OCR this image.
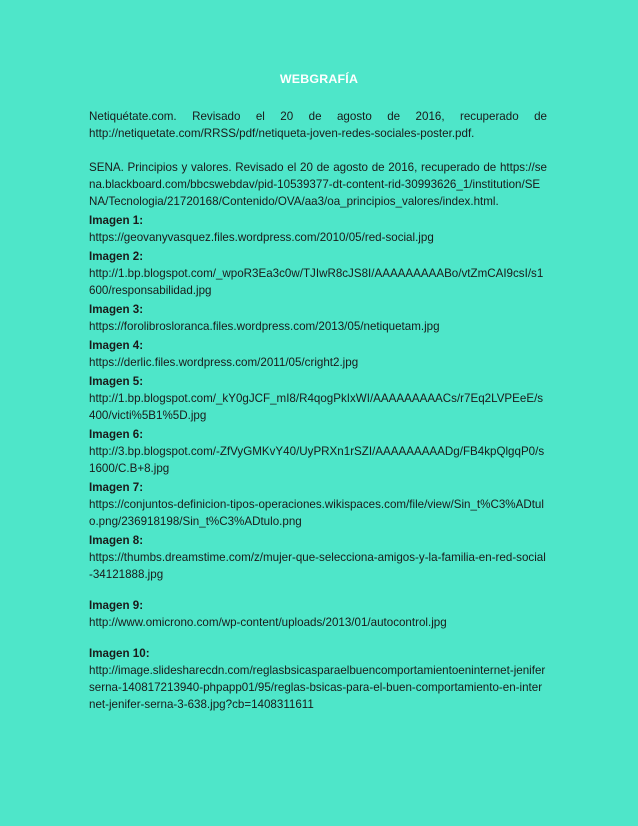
WEBGRAFÍA

Netiquétate.com. Revisado el 20 de agosto de 2016, recuperado de http://netiquetate.com/RRSS/pdf/netiqueta-joven-redes-sociales-poster.pdf.

SENA. Principios y valores. Revisado el 20 de agosto de 2016, recuperado de https://sena.blackboard.com/bbcswebdav/pid-10539377-dt-content-rid-30993626_1/institution/SENA/Tecnologia/21720168/Contenido/OVA/aa3/oa_principios_valores/index.html.

Imagen 1:
https://geovanyvasquez.files.wordpress.com/2010/05/red-social.jpg
Imagen 2:
http://1.bp.blogspot.com/_wpoR3Ea3c0w/TJIwR8cJS8I/AAAAAAAAABo/vtZmCAI9csI/s1600/responsabilidad.jpg
Imagen 3:
https://forolibrosloranca.files.wordpress.com/2013/05/netiquetam.jpg
Imagen 4:
https://derlic.files.wordpress.com/2011/05/cright2.jpg
Imagen 5:
http://1.bp.blogspot.com/_kY0gJCF_mI8/R4qogPkIxWI/AAAAAAAAACs/r7Eq2LVPEeE/s400/victi%5B1%5D.jpg
Imagen 6:
http://3.bp.blogspot.com/-ZfVyGMKvY40/UyPRXn1rSZI/AAAAAAAAADg/FB4kpQlgqP0/s1600/C.B+8.jpg
Imagen 7:
https://conjuntos-definicion-tipos-operaciones.wikispaces.com/file/view/Sin_t%C3%ADtulo.png/236918198/Sin_t%C3%ADtulo.png
Imagen 8:
https://thumbs.dreamstime.com/z/mujer-que-selecciona-amigos-y-la-familia-en-red-social-34121888.jpg
Imagen 9:
http://www.omicrono.com/wp-content/uploads/2013/01/autocontrol.jpg
Imagen 10:
http://image.slidesharecdn.com/reglasbsicasparaelbuencomportamientoeninternet-jeniferserna-140817213940-phpapp01/95/reglas-bsicas-para-el-buen-comportamiento-en-internet-jenifer-serna-3-638.jpg?cb=1408311611
